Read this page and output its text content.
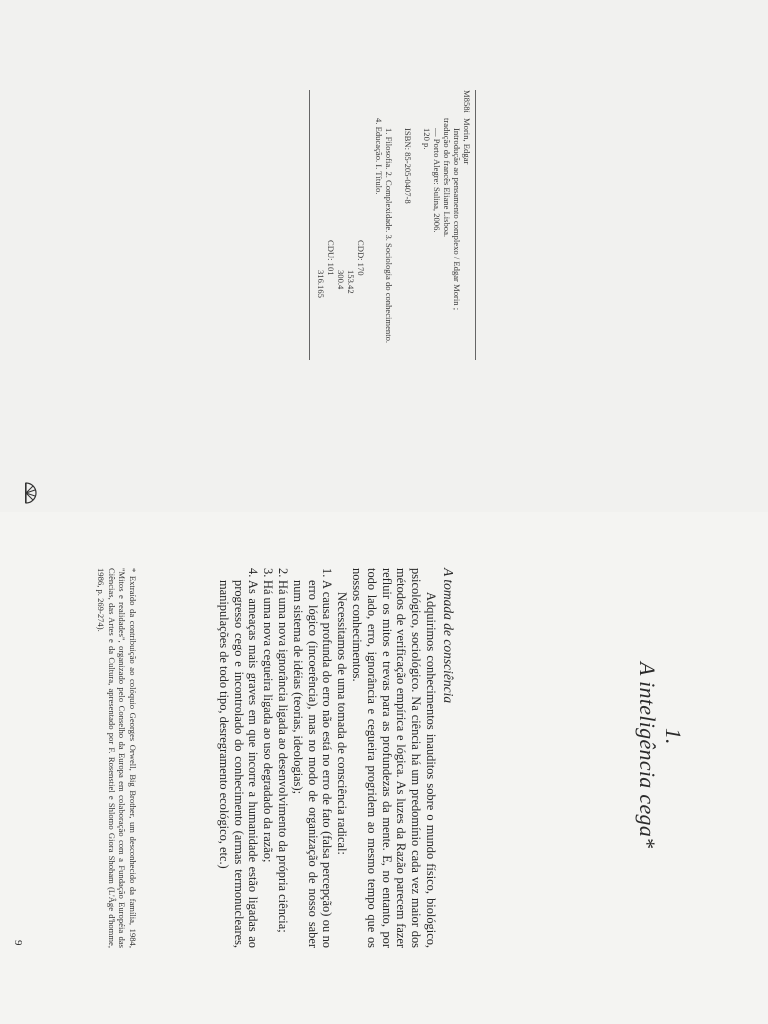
M858i
Morin, Edgar
Introdução ao pensamento complexo / Edgar Morin ;
tradução do francês Eliane Lisboa.
— Porto Alegre: Sulina, 2006.
120 p.
ISBN: 85-205-0407-8
1. Filosofia. 2. Complexidade. 3. Sociologia do conhecimento.
4. Educação. I. Título.
CDD: 170
153.42
300.4
CDU: 101
316.165
1.
A inteligência cega*
A tomada de consciência

Adquirimos conhecimentos inauditos sobre o mundo físico, biológico, psicológico, sociológico. Na ciência há um predomínio cada vez maior dos métodos de verificação empírica e lógica. As luzes da Razão parecem fazer refluir os mitos e trevas para as profundezas da mente. E, no entanto, por todo lado, erro, ignorância e cegueira progridem ao mesmo tempo que os nossos conhecimentos.

Necessitamos de uma tomada de consciência radical:

1.
A causa profunda do erro não está no erro de fato (falsa percepção) ou no erro lógico (incoerência), mas no modo de organização de nosso saber num sistema de idéias (teorias, ideologias);
2.
Há uma nova ignorância ligada ao desenvolvimento da própria ciência;
3.
Há uma nova cegueira ligada ao uso degradado da razão;
4.
As ameaças mais graves em que incorre a humanidade estão ligadas ao progresso cego e incontrolado do conhecimento (armas termonucleares, manipulações de todo tipo, desregramento ecológico, etc.)
* Extraído da contribuição ao colóquio Georges Orwell, Big Brother, um desconhecido da família, 1984, "Mitos e realidades", organizado pelo Conselho da Europa em colaboração com a Fundação Européia das Ciências, das Artes e da Cultura, apresentado por F. Rosenstiel e Shlomo Giora Shoham (L'Âge d'homme, 1986, p. 269-274).
9
